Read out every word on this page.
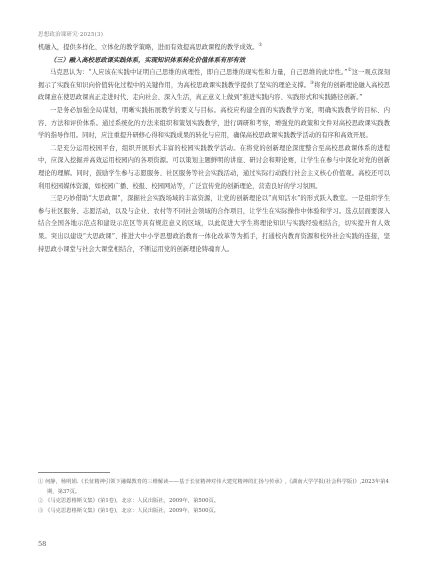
思想政治课研究·2025(3)

机融入，提供多样化、立体化的教学策略，进而有效提高思政课程的教学成效。①

（三）融入高校思政课实践体系，实现知识体系转化价值体系有形有效

马克思认为：“人应该在实践中证明自己思维的真理性，即自己思维的现实性和力量，自己思维的此岸性。”②这一观点深刻揭示了实践在知识向价值转化过程中的关键作用，为高校思政课实践教学提供了坚实的理论支撑。③将党的创新理论融入高校思政课意在使思政课真正走进时代、走向社会、深入生活，真正意义上做到“推进实践内容、实践形式和实践路径创新。”

一是务必加强全局谋划，明晰实践拓展教学的要义与目标。高校应构建全面的实践教学方案，明确实践教学的目标、内容、方法和评价体系。通过系统化的方法来组织和策划实践教学，进行调研和考察，增强党的政策和文件对高校思政课实践教学的指导作用。同时，应注重提升研修心得和实践成果的转化与应用，确保高校思政课实践教学活动的有序和高效开展。

二是充分运用校园平台，组织开展形式丰富的校园实践教学活动。在将党的创新理论深度整合至高校思政课体系的进程中，应深入挖掘并高效运用校园内的各项资源。可以策划主题鲜明的讲座、研讨会和辩论赛，让学生在参与中深化对党的创新理论的理解。同时，鼓励学生参与志愿服务、社区服务等社会实践活动，通过实际行动践行社会主义核心价值观。高校还可以利用校园媒体资源，如校园广播、校报、校园网站等，广泛宣传党的创新理论，营造良好的学习氛围。

三是巧妙借助“大思政课”，深掘社会实践场域的丰富资源，让党的创新理论以“真知活水”的形式跃入教室。一是组织学生参与社区服务、志愿活动，以及与企业、农村等不同社会领域的合作项目，让学生在实际操作中体验和学习。选点层面要深入结合全国各地示范点和建设示范区等具有规范意义的区域，以此促进大学生将理论知识与实践经验相结合，切实提升育人效果。突出以建设“大思政课”、推进大中小学思想政治教育一体化改革等为抓手，打通校内教育资源和校外社会实践的连接，坚持思政小课堂与社会大课堂相结合，不断运用党的创新理论铸魂育人。

① 何静，杨明娟.《长征精神引领下融媒教育的三维解读——基于长征精神对伟大建党精神的汇扬与传承》,《湖南大学学报(社会科学版)》,2023年第4期，第37页。

② 《马克思恩格斯文集》(第1卷)，北京：人民出版社，2009年，第500页。

③ 《马克思恩格斯文集》(第1卷)，北京：人民出版社，2009年，第500页。

58
